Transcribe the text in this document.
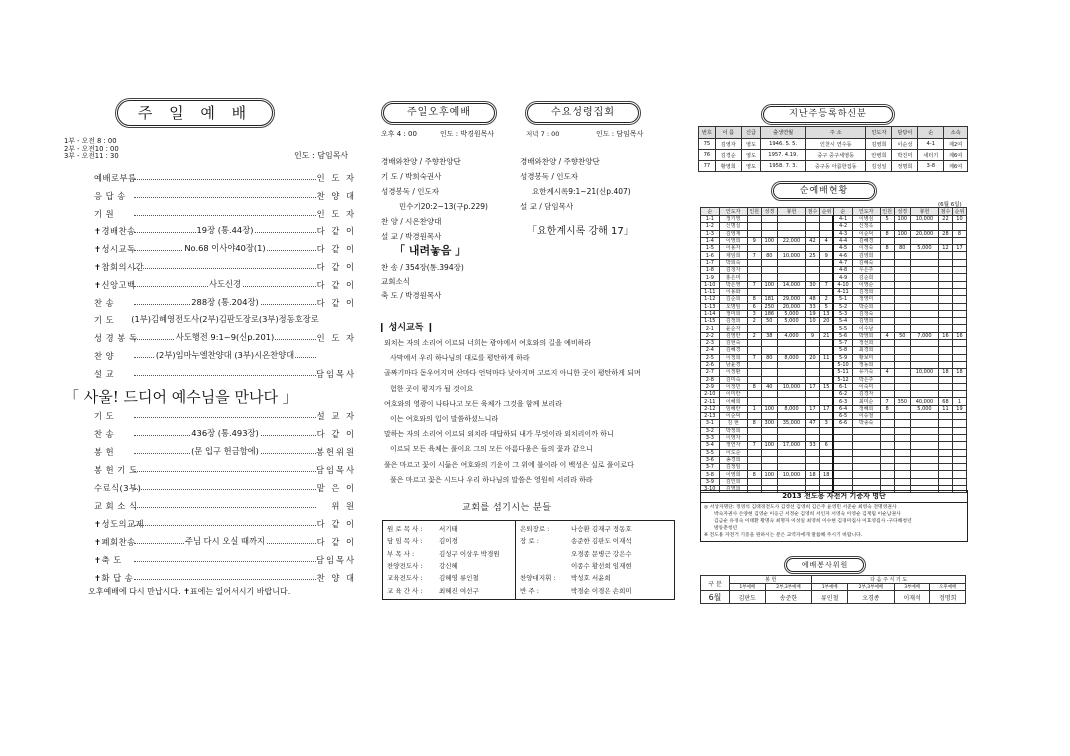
주 일 예 배
1부 - 오전 8 : 00
2부 - 오전10 : 00
3부 - 오전11 : 30	인도 : 담임목사
예배로부름	인 도 자
응 답 송	찬 양 대
기 원	인 도 자
✝경배찬송	19장 (통.44장)	다 같 이
✝성시교독	No.68 이사야40장(1)	다 같 이
✝참회의시간	다 같 이
✝신앙고백	사도신경	다 같 이
찬 송	288장 (통.204장)	다 같 이
기 도	(1부)김혜영전도사(2부)김판도장로(3부)정동호장로
성 경 봉 독	사도행전 9:1~9(신p.201)	인 도 자
찬 양	(2부)임마누엘찬양대 (3부)시온찬양대
설 교	담임목사
「 사울! 드디어 예수님을 만나다 」
기 도	설 교 자
찬 송	436장 (통.493장)	다 같 이
봉 헌	(문 입구 헌금함에)	봉헌위원
봉 헌 기 도	담임목사
수료식(3부)	맡 은 이
교 회 소 식	위 원
✝성도의교제	다 같 이
✝폐회찬송	주님 다시 오실 때까지	다 같 이
✝축 도	담임목사
✝화 답 송	찬 양 대
오후예배에 다시 만납시다. ✝표에는 일어서시기 바랍니다.
주일오후예배
오후 4 : 00	인도 : 박경원목사
경배와찬양 / 주향찬양단
기 도 / 박희숙권사
성경봉독 / 인도자
민수기20:2~13(구p.229)
찬 양 / 시온찬양대
설 교 / 박경원목사
「 내려놓음 」
찬 송 / 354장(통.394장)
교회소식
축 도 / 박경원목사
수요성령집회
저녁 7 : 00	인도 : 담임목사
경배와찬양 / 주향찬양단
성경봉독 / 인도자
요한계시록9:1~21(신p.407)
설 교 / 담임목사
「요한계시록 강해 17」
❙ 성시교독 ❙
외치는 자의 소리여 이르되 너희는 광야에서 여호와의 길을 예비하라
사막에서 우리 하나님의 대로를 평탄하게 하라
골짜기마다 돋우어지며 산마다 언덕마다 낮아지며 고르지 아니한 곳이 평탄하게 되며
험한 곳이 평지가 될 것이요
여호와의 영광이 나타나고 모든 육체가 그것을 함께 보리라
이는 여호와의 입이 말씀하셨느니라
말하는 자의 소리여 이르되 외치라 대답하되 내가 무엇이라 외치리이까 하니
이르되 모든 육체는 풀이요 그의 모든 아름다움은 들의 꽃과 같으니
풀은 마르고 꽃이 시듦은 여호와의 기운이 그 위에 불이라 이 백성은 실로 풀이로다
풀은 마르고 꽃은 시드나 우리 하나님의 말씀은 영원히 서리라 하라
교회를 섬기시는 분들
원 로 목 사 :	서기태
담 임 목 사 :	김이경
부 목 사 :	김성구 이상우 박경원
찬양전도사 :	강신혜
교육전도사 :	김혜영 류인철
교 육 간 사 :	최혜진 여선구
은퇴장로 :	나승환 김재구 정동호
장 로 :	송준한 김판도 이재석
오경종 문병근 강은수
이종수 황선희 임재현
찬양대지휘 : 박성호 서윤희
반 주 :	박경순 이경은 손희미
지난주등록하신분
번호	이 름	신급	출생연월	주 소	인도자	담당이	순	소속
75	김영자	영도	1946. 5. 5.	인천시 연수동	김영희	이순성	4-1	제2여
76	김경순	영도	1957. 4.19.	중구 중구세영동	안병희	박진미	새터기	제6여
77	황영희	영도	1958. 7. 3.	중구동 아름한집동	김성일	정명희	3-8	제6여
순예배현황
(6월 6일)
순	인도자	인원	성경	봉헌	점수	순위	순	인도자	인원	성경	봉헌	점수	순위
1-1	정기영						4-1	이병심	5	100	10,000	22	10
1-2	신명실						4-2	신정옥					
1-3	김영재						4-3	이순덕	8	100	20,000	28	8
1-4	이영희	9	100	22,000	42	4	4-4	김혜경					
1-5	이용자						4-5	이정숙	8	80	5,000	12	17
1-6	제임희	7	80	10,000	25	9	4-6	김영희					
1-7	박희숙						4-7	김혜숙					
1-8	김청자						4-8	우은주					
1-9	홍은미						4-9	김순희					
1-10	박은영	7	100	14,000	30	7	4-10	이영순					
1-11	이용화						4-11	김정희					
1-12	김순희	8	181	29,000	48	2	5-1	정영미					
1-13	오명임	6	250	20,000	33	5	5-2	박순희					
1-14	정미희	3	186	5,000	19	13	5-3	김정숙					
1-15	김정희	2	50	5,000	10	20	5-4	김영희					
2-1	윤순자						5-5	이수남					
2-2	김영란	2	38	4,000	9	21	5-6	박영희	4	50	7,000	16	16
2-3	김현숙						5-7	정선희					
2-4	김혜경						5-8	최경희					
2-5	이정희	7	80	8,000	20	11	5-9	황보미					
2-6	남윤경						5-10	정동희					
2-7	이정환						5-11	유기숙	4		10,000	18	18
2-8	김미숙						5-12	박은주					
2-9	이정민	8	40	10,000	17	15	6-1	이숙미					
2-10	이미란						6-2	김경자					
2-11	이혜희						6-3	최미순	7	350	40,000	68	1
2-12	임혜란	1	100	8,000	17	17	6-4	정혜희	8		5,000	11	19
2-13	이순덕						6-5	이승철					
3-1	김 현	8	300	35,000	47	3	6-6	박종숙					
3-2	박정희												
3-3	이영자												
3-4	정연자	7	100	17,000	33	6							
3-5	이도순												
3-6	송경희												
3-7	김정임												
3-8	이영희	8	100	10,000	18	18							
3-9	김인희												
3-10	김영희												
2013 전도용 자전거 기증자 명단
◎ 서상자명단: 정영석 김태경전도사 김영선 김영희 김은주 윤영민 서준순 최영숙 전명영권사
박숙자권사 손양현 김영순 이응근 서정순 김영희 서인자 서영숙 이영순 김재림 이순남권사
김금순 유경숙 이태환 황명숙 최명자 이성일 최영희 이수현 김경미집사 이효영집사 -구다해청년
방동춘청년
※ 전도용 자전거 기증을 원하시는 분은 교역자에게 말씀해 주시기 바랍니다.
예배봉사위원
구 분	봉 헌		다 음 주 식 기 도			
	1부예배	2부,3부예배	1부예배	2부,3부예배	3부예배	오후예배
6월	김판도	송준한	류인철	오경종	이재석	정명희
